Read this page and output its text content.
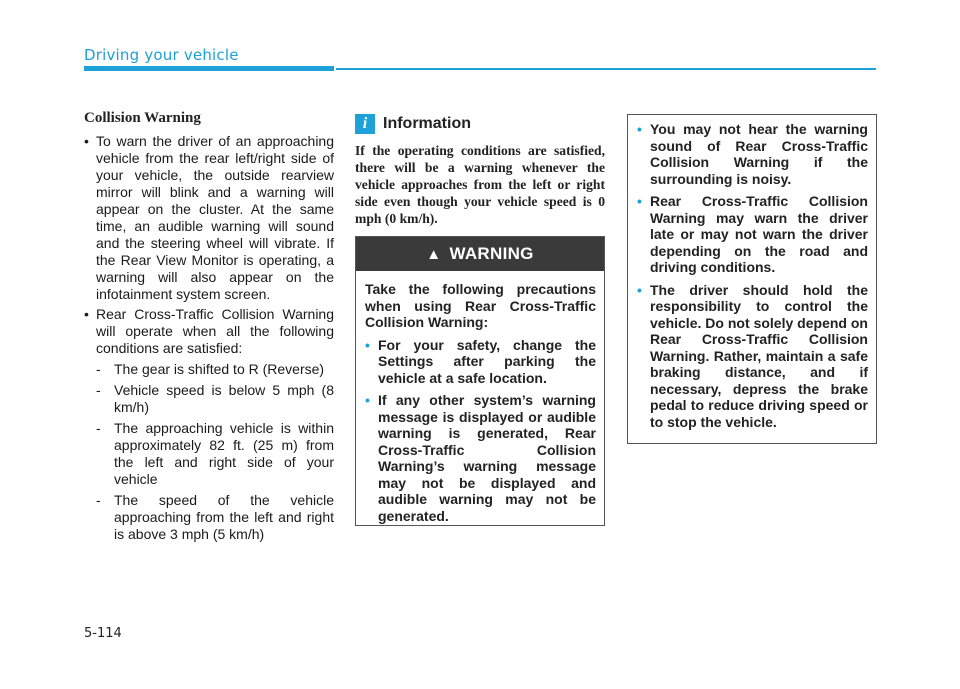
Driving your vehicle
Collision Warning
• To warn the driver of an approaching vehicle from the rear left/right side of your vehicle, the outside rearview mirror will blink and a warning will appear on the cluster. At the same time, an audible warning will sound and the steering wheel will vibrate. If the Rear View Monitor is operating, a warning will also appear on the infotainment system screen.
• Rear Cross-Traffic Collision Warning will operate when all the following conditions are satisfied:
- The gear is shifted to R (Reverse)
- Vehicle speed is below 5 mph (8 km/h)
- The approaching vehicle is within approximately 82 ft. (25 m) from the left and right side of your vehicle
- The speed of the vehicle approaching from the left and right is above 3 mph (5 km/h)
i Information
If the operating conditions are satisfied, there will be a warning whenever the vehicle approaches from the left or right side even though your vehicle speed is 0 mph (0 km/h).
▲ WARNING
Take the following precautions when using Rear Cross-Traffic Collision Warning:
• For your safety, change the Settings after parking the vehicle at a safe location.
• If any other system’s warning message is displayed or audible warning is generated, Rear Cross-Traffic Collision Warning’s warning message may not be displayed and audible warning may not be generated.
• You may not hear the warning sound of Rear Cross-Traffic Collision Warning if the surrounding is noisy.
• Rear Cross-Traffic Collision Warning may warn the driver late or may not warn the driver depending on the road and driving conditions.
• The driver should hold the responsibility to control the vehicle. Do not solely depend on Rear Cross-Traffic Collision Warning. Rather, maintain a safe braking distance, and if necessary, depress the brake pedal to reduce driving speed or to stop the vehicle.
5-114
